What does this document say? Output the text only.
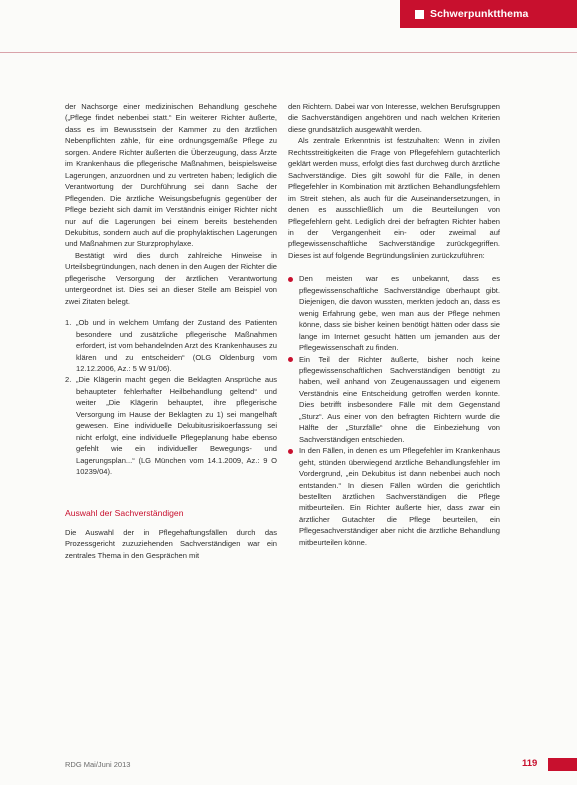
Schwerpunktthema

der Nachsorge einer medizinischen Behandlung geschehe („Pflege findet nebenbei statt.“ Ein weiterer Richter äußerte, dass es im Bewusstsein der Kammer zu den ärztlichen Nebenpflichten zähle, für eine ordnungsgemäße Pflege zu sorgen. Andere Richter äußerten die Überzeugung, dass Ärzte im Krankenhaus die pflegerische Maßnahmen, beispielsweise Lagerungen, anzuordnen und zu vertreten haben; lediglich die Verantwortung der Durchführung sei dann Sache der Pflegenden. Die ärztliche Weisungsbefugnis gegenüber der Pflege bezieht sich damit im Verständnis einiger Richter nicht nur auf die Lagerungen bei einem bereits bestehenden Dekubitus, sondern auch auf die prophylaktischen Lagerungen und Maßnahmen zur Sturzprophylaxe.

Bestätigt wird dies durch zahlreiche Hinweise in Urteilsbegründungen, nach denen in den Augen der Richter die pflegerische Versorgung der ärztlichen Verantwortung untergeordnet ist. Dies sei an dieser Stelle am Beispiel von zwei Zitaten belegt.

1. „Ob und in welchem Umfang der Zustand des Patienten besondere und zusätzliche pflegerische Maßnahmen erfordert, ist vom behandelnden Arzt des Krankenhauses zu klären und zu entscheiden“ (OLG Oldenburg vom 12.12.2006, Az.: 5 W 91/06).
2. „Die Klägerin macht gegen die Beklagten Ansprüche aus behaupteter fehlerhafter Heilbehandlung geltend“ und weiter „Die Klägerin behauptet, ihre pflegerische Versorgung im Hause der Beklagten zu 1) sei mangelhaft gewesen. Eine individuelle Dekubitusrisikoerfassung sei nicht erfolgt, eine individuelle Pflegeplanung habe ebenso gefehlt wie ein individueller Bewegungs- und Lagerungsplan...“ (LG München vom 14.1.2009, Az.: 9 O 10239/04).
Auswahl der Sachverständigen

Die Auswahl der in Pflegehaftungsfällen durch das Prozessgericht zuzuziehenden Sachverständigen war ein zentrales Thema in den Gesprächen mit

den Richtern. Dabei war von Interesse, welchen Berufsgruppen die Sachverständigen angehören und nach welchen Kriterien diese grundsätzlich ausgewählt werden.

Als zentrale Erkenntnis ist festzuhalten: Wenn in zivilen Rechtsstreitigkeiten die Frage von Pflegefehlern gutachterlich geklärt werden muss, erfolgt dies fast durchweg durch ärztliche Sachverständige. Dies gilt sowohl für die Fälle, in denen Pflegefehler in Kombination mit ärztlichen Behandlungsfehlern im Streit stehen, als auch für die Auseinandersetzungen, in denen es ausschließlich um die Beurteilungen von Pflegefehlern geht. Lediglich drei der befragten Richter haben in der Vergangenheit ein- oder zweimal auf pflegewissenschaftliche Sachverständige zurückgegriffen. Dieses ist auf folgende Begründungslinien zurückzuführen:

Den meisten war es unbekannt, dass es pflegewissenschaftliche Sachverständige überhaupt gibt. Diejenigen, die davon wussten, merkten jedoch an, dass es wenig Erfahrung gebe, wen man aus der Pflege nehmen könne, dass sie bisher keinen benötigt hätten oder dass sie lange im Internet gesucht hätten um jemanden aus der Pflegewissenschaft zu finden.
Ein Teil der Richter äußerte, bisher noch keine pflegewissenschaftlichen Sachverständigen benötigt zu haben, weil anhand von Zeugenaussagen und eigenem Verständnis eine Entscheidung getroffen werden konnte. Dies betrifft insbesondere Fälle mit dem Gegenstand „Sturz“. Aus einer von den befragten Richtern wurde die Hälfte der „Sturzfälle“ ohne die Einbeziehung von Sachverständigen entschieden.
In den Fällen, in denen es um Pflegefehler im Krankenhaus geht, stünden überwiegend ärztliche Behandlungsfehler im Vordergrund, „ein Dekubitus ist dann nebenbei auch noch entstanden.“ In diesen Fällen würden die gerichtlich bestellten ärztlichen Sachverständigen die Pflege mitbeurteilen. Ein Richter äußerte hier, dass zwar ein ärztlicher Gutachter die Pflege beurteilen, ein Pflegesachverständiger aber nicht die ärztliche Behandlung mitbeurteilen könne.
RDG Mai/Juni 2013	119
